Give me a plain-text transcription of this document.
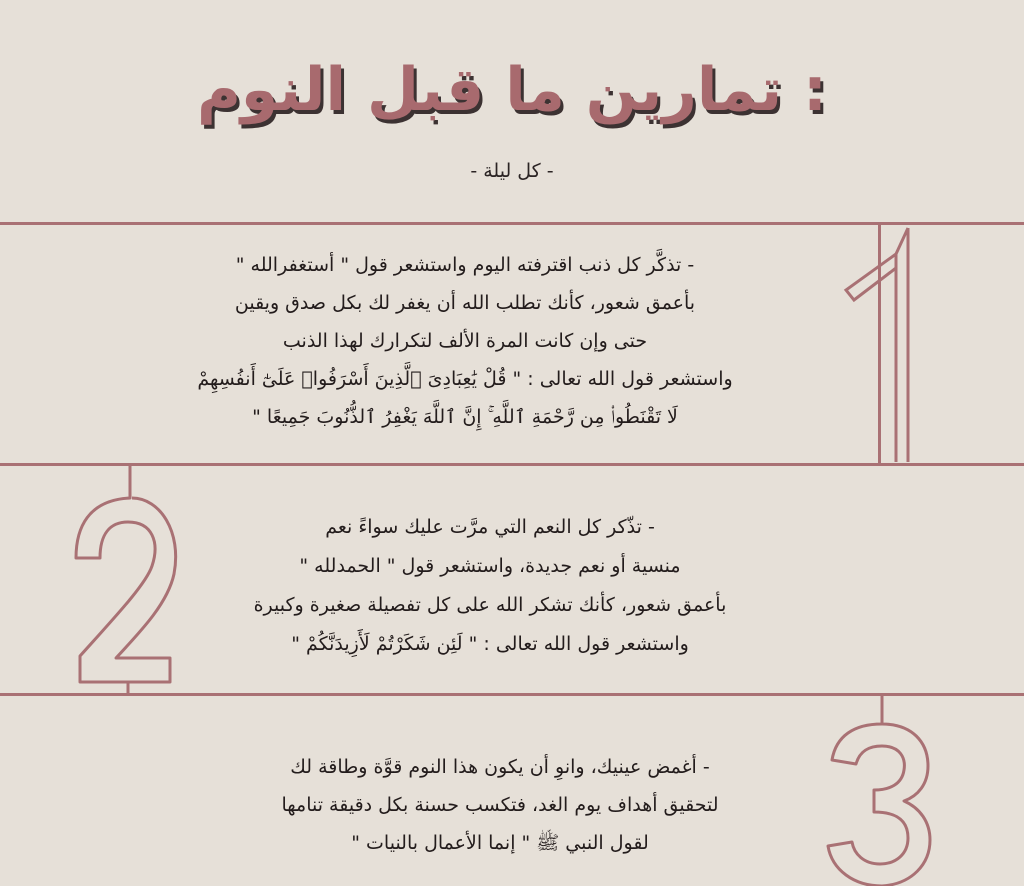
تمارين ما قبل النوم :
- كل ليلة -
- تذكَّر كل ذنب اقترفته اليوم واستشعر قول " أستغفرالله "
بأعمق شعور، كأنك تطلب الله أن يغفر لك بكل صدق ويقين
حتى وإن كانت المرة الألف لتكرارك لهذا الذنب
واستشعر قول الله تعالى : " قُلْ يَٰعِبَادِىَ ٱلَّذِينَ أَسْرَفُوا۟ عَلَىٰٓ أَنفُسِهِمْ
لَا تَقْنَطُوا۟ مِن رَّحْمَةِ ٱللَّهِ ۚ إِنَّ ٱللَّهَ يَغْفِرُ ٱلذُّنُوبَ جَمِيعًا "
- تذّكر كل النعم التي مرَّت عليك سواءً نعم
منسية أو نعم جديدة، واستشعر قول " الحمدلله "
بأعمق شعور، كأنك تشكر الله على كل تفصيلة صغيرة وكبيرة
واستشعر قول الله تعالى : " لَئِن شَكَرْتُمْ لَأَزِيدَنَّكُمْ "
- أغمض عينيك، وانوِ أن يكون هذا النوم قوَّة وطاقة لك
لتحقيق أهداف يوم الغد، فتكسب حسنة بكل دقيقة تنامها
لقول النبي ﷺ " إنما الأعمال بالنيات "
